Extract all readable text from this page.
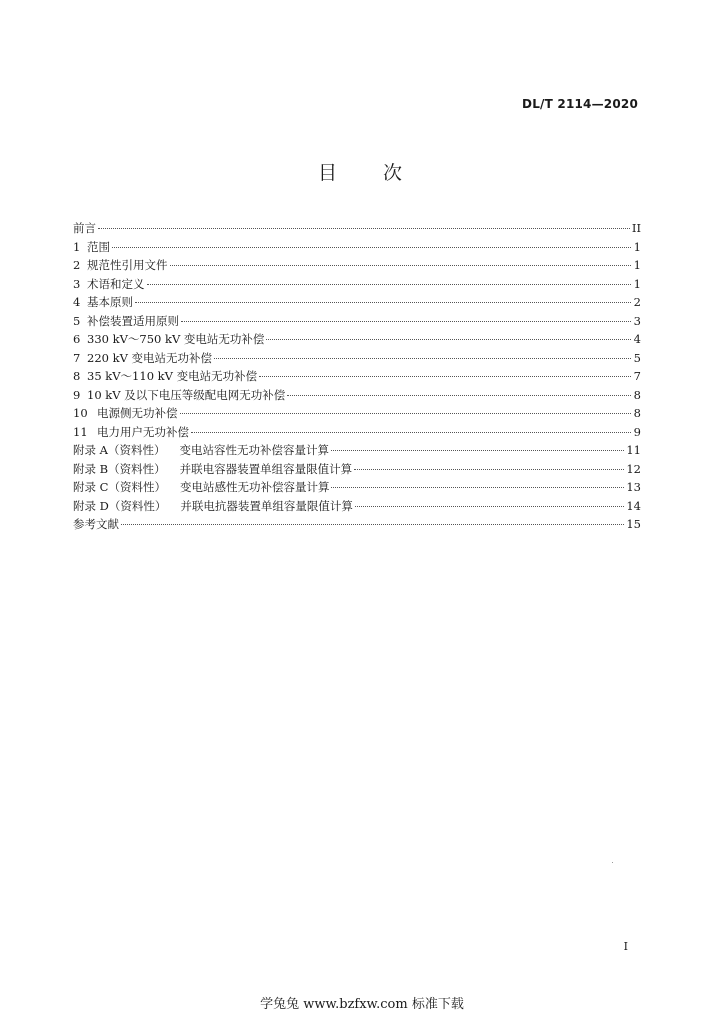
DL/T 2114—2020
目 次
前言	II
1 范围	1
2 规范性引用文件	1
3 术语和定义	1
4 基本原则	2
5 补偿装置适用原则	3
6 330 kV～750 kV 变电站无功补偿	4
7 220 kV 变电站无功补偿	5
8 35 kV～110 kV 变电站无功补偿	7
9 10 kV 及以下电压等级配电网无功补偿	8
10 电源侧无功补偿	8
11 电力用户无功补偿	9
附录 A（资料性） 变电站容性无功补偿容量计算	11
附录 B（资料性） 并联电容器装置单组容量限值计算	12
附录 C（资料性） 变电站感性无功补偿容量计算	13
附录 D（资料性） 并联电抗器装置单组容量限值计算	14
参考文献	15
I
学兔兔 www.bzfxw.com 标准下载
